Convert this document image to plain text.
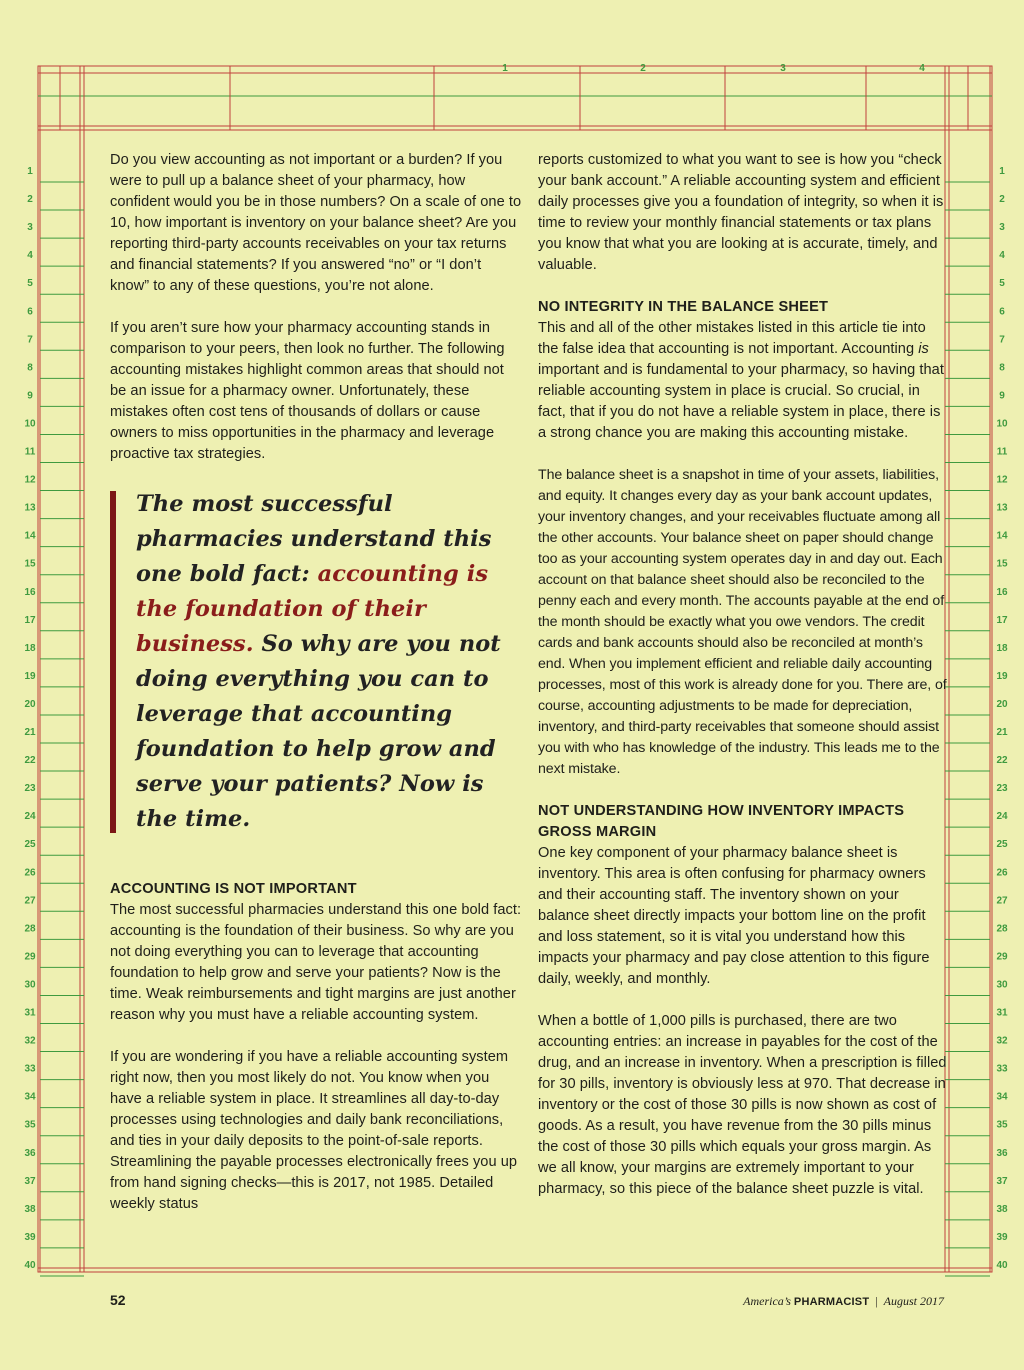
1	1
2	2
3	3
4	4
5	5
6	6
7	7
8	8
9	9
10	10
11	11
12	12
13	13
14	14
15	15
16	16
17	17
18	18
19	19
20	20
21	21
22	22
23	23
24	24
25	25
26	26
27	27
28	28
29	29
30	30
31	31
32	32
33	33
34	34
35	35
36	36
37	37
38	38
39	39
40	40
1	2	3	4

Do you view accounting as not important or a burden? If you were to pull up a balance sheet of your pharmacy, how confident would you be in those numbers? On a scale of one to 10, how important is inventory on your balance sheet? Are you reporting third-party accounts receivables on your tax returns and financial statements? If you answered “no” or “I don’t know” to any of these questions, you’re not alone.

If you aren’t sure how your pharmacy accounting stands in comparison to your peers, then look no further. The following accounting mistakes highlight common areas that should not be an issue for a pharmacy owner. Unfortunately, these mistakes often cost tens of thousands of dollars or cause owners to miss opportunities in the pharmacy and leverage proactive tax strategies.

The most successful pharmacies understand this one bold fact: accounting is the foundation of their business. So why are you not doing everything you can to leverage that accounting foundation to help grow and serve your patients? Now is the time.
ACCOUNTING IS NOT IMPORTANT

The most successful pharmacies understand this one bold fact: accounting is the foundation of their business. So why are you not doing everything you can to leverage that accounting foundation to help grow and serve your patients? Now is the time. Weak reimbursements and tight margins are just another reason why you must have a reliable accounting system.

If you are wondering if you have a reliable accounting system right now, then you most likely do not. You know when you have a reliable system in place. It streamlines all day-to-day processes using technologies and daily bank reconciliations, and ties in your daily deposits to the point-of-sale reports. Streamlining the payable processes electronically frees you up from hand signing checks—this is 2017, not 1985. Detailed weekly status

reports customized to what you want to see is how you “check your bank account.” A reliable accounting system and efficient daily processes give you a foundation of integrity, so when it is time to review your monthly financial statements or tax plans you know that what you are looking at is accurate, timely, and valuable.

NO INTEGRITY IN THE BALANCE SHEET

This and all of the other mistakes listed in this article tie into the false idea that accounting is not important. Accounting is important and is fundamental to your pharmacy, so having that reliable accounting system in place is crucial. So crucial, in fact, that if you do not have a reliable system in place, there is a strong chance you are making this accounting mistake.

The balance sheet is a snapshot in time of your assets, liabilities, and equity. It changes every day as your bank account updates, your inventory changes, and your receivables fluctuate among all the other accounts. Your balance sheet on paper should change too as your accounting system operates day in and day out. Each account on that balance sheet should also be reconciled to the penny each and every month. The accounts payable at the end of the month should be exactly what you owe vendors. The credit cards and bank accounts should also be reconciled at month’s end. When you implement efficient and reliable daily accounting processes, most of this work is already done for you. There are, of course, accounting adjustments to be made for depreciation, inventory, and third-party receivables that someone should assist you with who has knowledge of the industry. This leads me to the next mistake.

NOT UNDERSTANDING HOW INVENTORY IMPACTS GROSS MARGIN

One key component of your pharmacy balance sheet is inventory. This area is often confusing for pharmacy owners and their accounting staff. The inventory shown on your balance sheet directly impacts your bottom line on the profit and loss statement, so it is vital you understand how this impacts your pharmacy and pay close attention to this figure daily, weekly, and monthly.

When a bottle of 1,000 pills is purchased, there are two accounting entries: an increase in payables for the cost of the drug, and an increase in inventory. When a prescription is filled for 30 pills, inventory is obviously less at 970. That decrease in inventory or the cost of those 30 pills is now shown as cost of goods. As a result, you have revenue from the 30 pills minus the cost of those 30 pills which equals your gross margin. As we all know, your margins are extremely important to your pharmacy, so this piece of the balance sheet puzzle is vital.

52	America’s PHARMACIST | August 2017
